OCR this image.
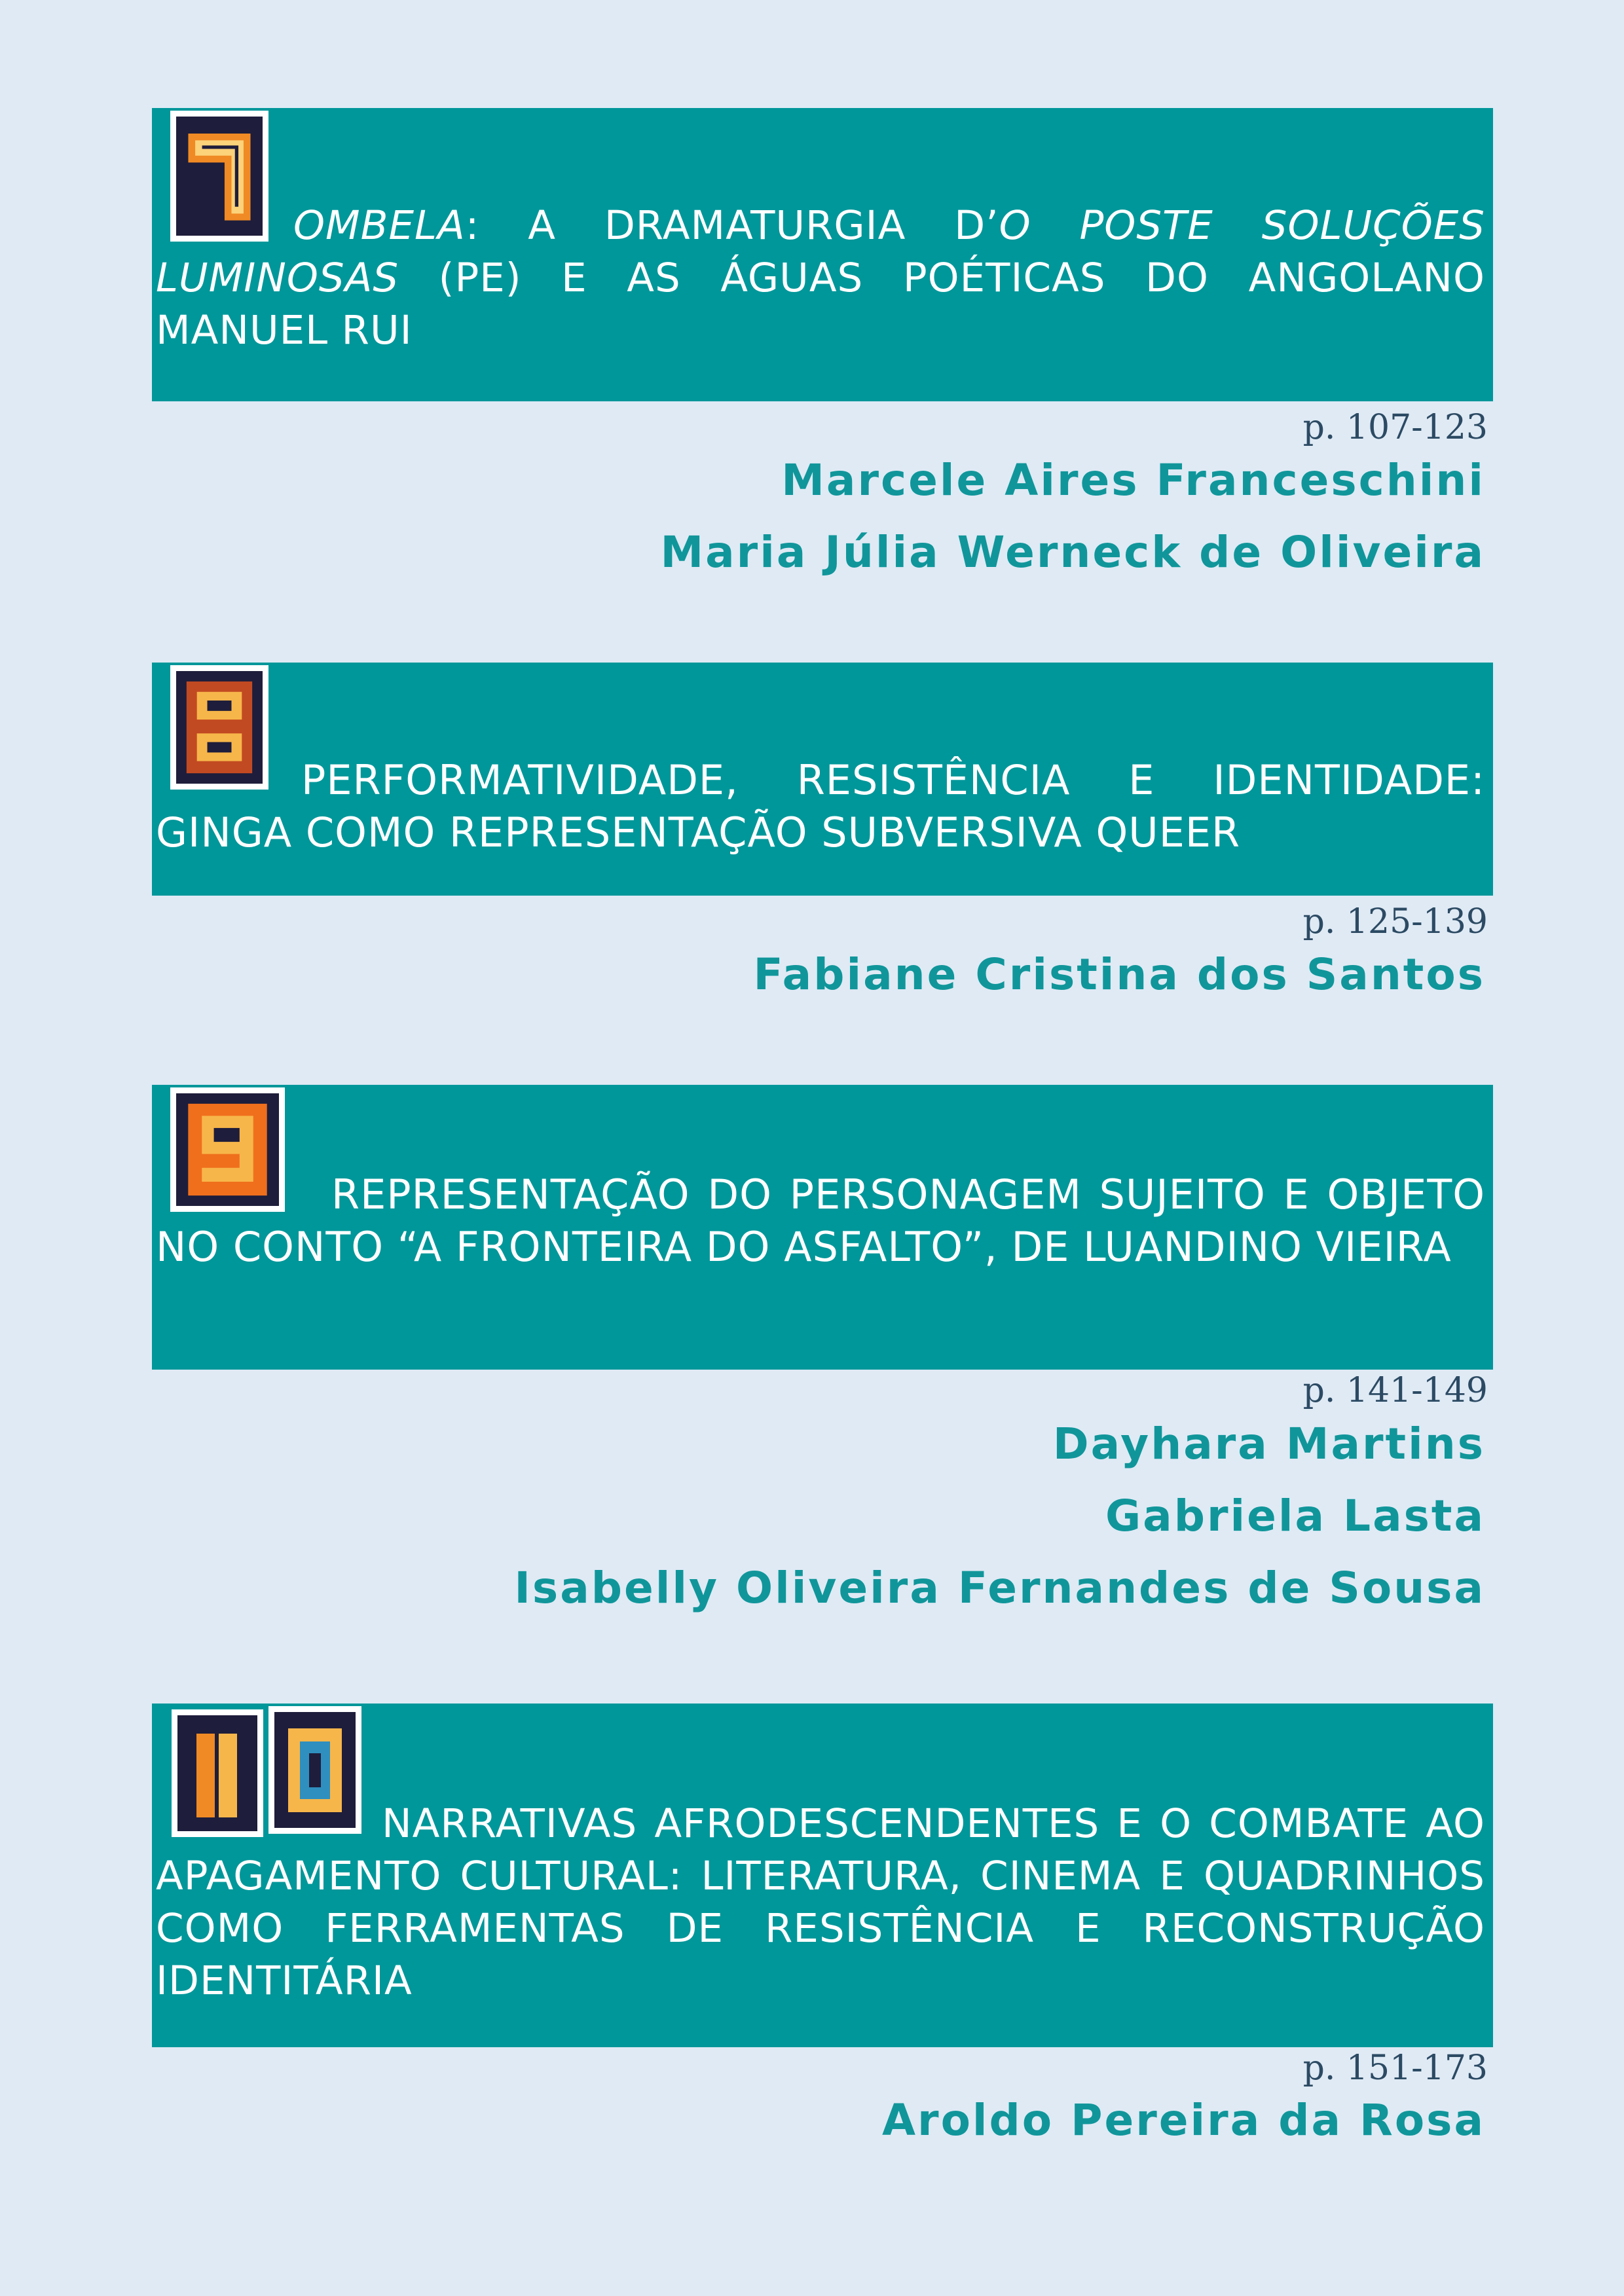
OMBELA: A DRAMATURGIA D’O POSTE SOLUÇÕES LUMINOSAS (PE) E AS ÁGUAS POÉTICAS DO ANGOLANO MANUEL RUI
p. 107-123
Marcele Aires Franceschini
Maria Júlia Werneck de Oliveira
PERFORMATIVIDADE, RESISTÊNCIA E IDENTIDADE: GINGA COMO REPRESENTAÇÃO SUBVERSIVA QUEER
p. 125-139
Fabiane Cristina dos Santos
REPRESENTAÇÃO DO PERSONAGEM SUJEITO E OBJETO NO CONTO “A FRONTEIRA DO ASFALTO”, DE LUANDINO VIEIRA
p. 141-149
Dayhara Martins
Gabriela Lasta
Isabelly Oliveira Fernandes de Sousa
NARRATIVAS AFRODESCENDENTES E O COMBATE AO APAGAMENTO CULTURAL: LITERATURA, CINEMA E QUADRINHOS COMO FERRAMENTAS DE RESISTÊNCIA E RECONSTRUÇÃO IDENTITÁRIA
p. 151-173
Aroldo Pereira da Rosa
